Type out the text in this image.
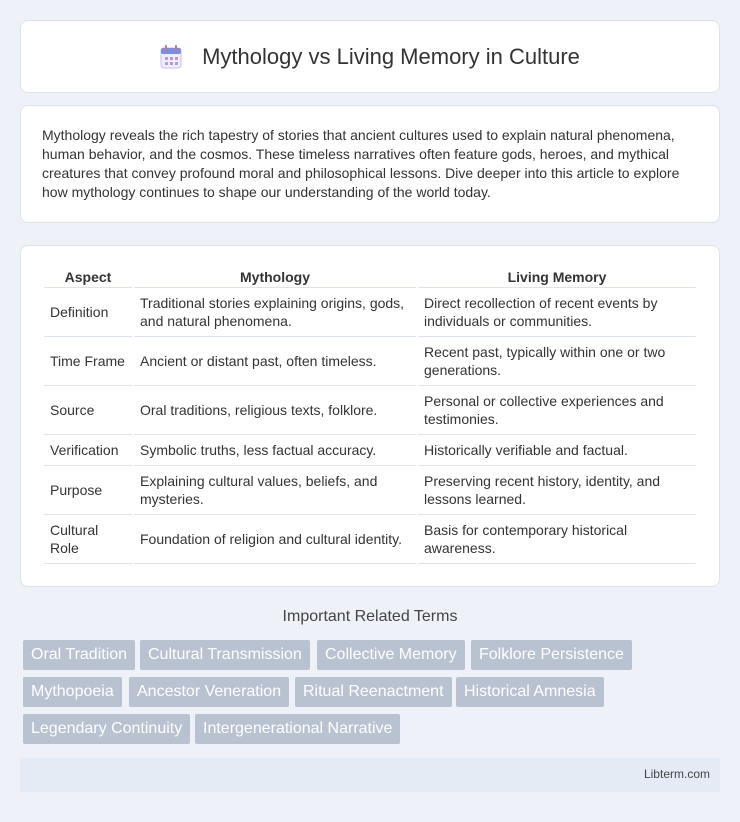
Mythology vs Living Memory in Culture

Mythology reveals the rich tapestry of stories that ancient cultures used to explain natural phenomena, human behavior, and the cosmos. These timeless narratives often feature gods, heroes, and mythical creatures that convey profound moral and philosophical lessons. Dive deeper into this article to explore how mythology continues to shape our understanding of the world today.

Aspect	Mythology	Living Memory
Definition	Traditional stories explaining origins, gods, and natural phenomena.	Direct recollection of recent events by individuals or communities.
Time Frame	Ancient or distant past, often timeless.	Recent past, typically within one or two generations.
Source	Oral traditions, religious texts, folklore.	Personal or collective experiences and testimonies.
Verification	Symbolic truths, less factual accuracy.	Historically verifiable and factual.
Purpose	Explaining cultural values, beliefs, and mysteries.	Preserving recent history, identity, and lessons learned.
Cultural Role	Foundation of religion and cultural identity.	Basis for contemporary historical awareness.
Important Related Terms
Oral Tradition	Cultural Transmission	Collective Memory	Folklore Persistence
Mythopoeia	Ancestor Veneration	Ritual Reenactment	Historical Amnesia
Legendary Continuity	Intergenerational Narrative
Libterm.com
